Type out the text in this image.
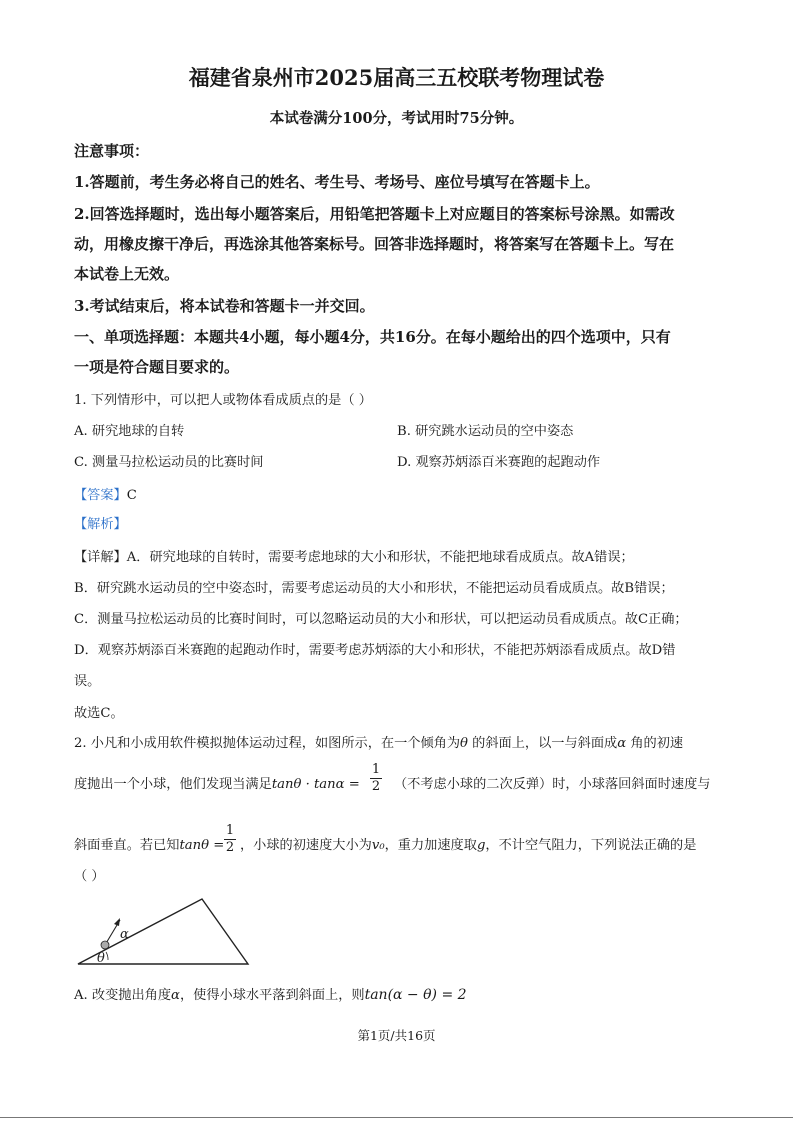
福建省泉州市2025届高三五校联考物理试卷
本试卷满分100分，考试用时75分钟。
注意事项：
1.答题前，考生务必将自己的姓名、考生号、考场号、座位号填写在答题卡上。
2.回答选择题时，选出每小题答案后，用铅笔把答题卡上对应题目的答案标号涂黑。如需改
动，用橡皮擦干净后，再选涂其他答案标号。回答非选择题时，将答案写在答题卡上。写在
本试卷上无效。
3.考试结束后，将本试卷和答题卡一并交回。
一、单项选择题：本题共4小题，每小题4分，共16分。在每小题给出的四个选项中，只有
一项是符合题目要求的。
1. 下列情形中，可以把人或物体看成质点的是（ ）
A. 研究地球的自转	B. 研究跳水运动员的空中姿态
C. 测量马拉松运动员的比赛时间	D. 观察苏炳添百米赛跑的起跑动作
【答案】C
【解析】
【详解】A．研究地球的自转时，需要考虑地球的大小和形状，不能把地球看成质点。故A错误；
B．研究跳水运动员的空中姿态时，需要考虑运动员的大小和形状，不能把运动员看成质点。故B错误；
C．测量马拉松运动员的比赛时间时，可以忽略运动员的大小和形状，可以把运动员看成质点。故C正确；
D．观察苏炳添百米赛跑的起跑动作时，需要考虑苏炳添的大小和形状，不能把苏炳添看成质点。故D错
误。
故选C。
2. 小凡和小成用软件模拟抛体运动过程，如图所示，在一个倾角为θ 的斜面上，以一与斜面成α 角的初速
度抛出一个小球，他们发现当满足$\tan\theta \cdot \tan\alpha = \frac{1}{2}$ （不考虑小球的二次反弹）时，小球落回斜面时速度与
斜面垂直。若已知$\tan\theta = \frac{1}{2}$ ，小球的初速度大小为v₀，重力加速度取g，不计空气阻力，下列说法正确的是
（ ）
α
θ
A. 改变抛出角度α，使得小球水平落到斜面上，则tan(α − θ) = 2
第1页/共16页
